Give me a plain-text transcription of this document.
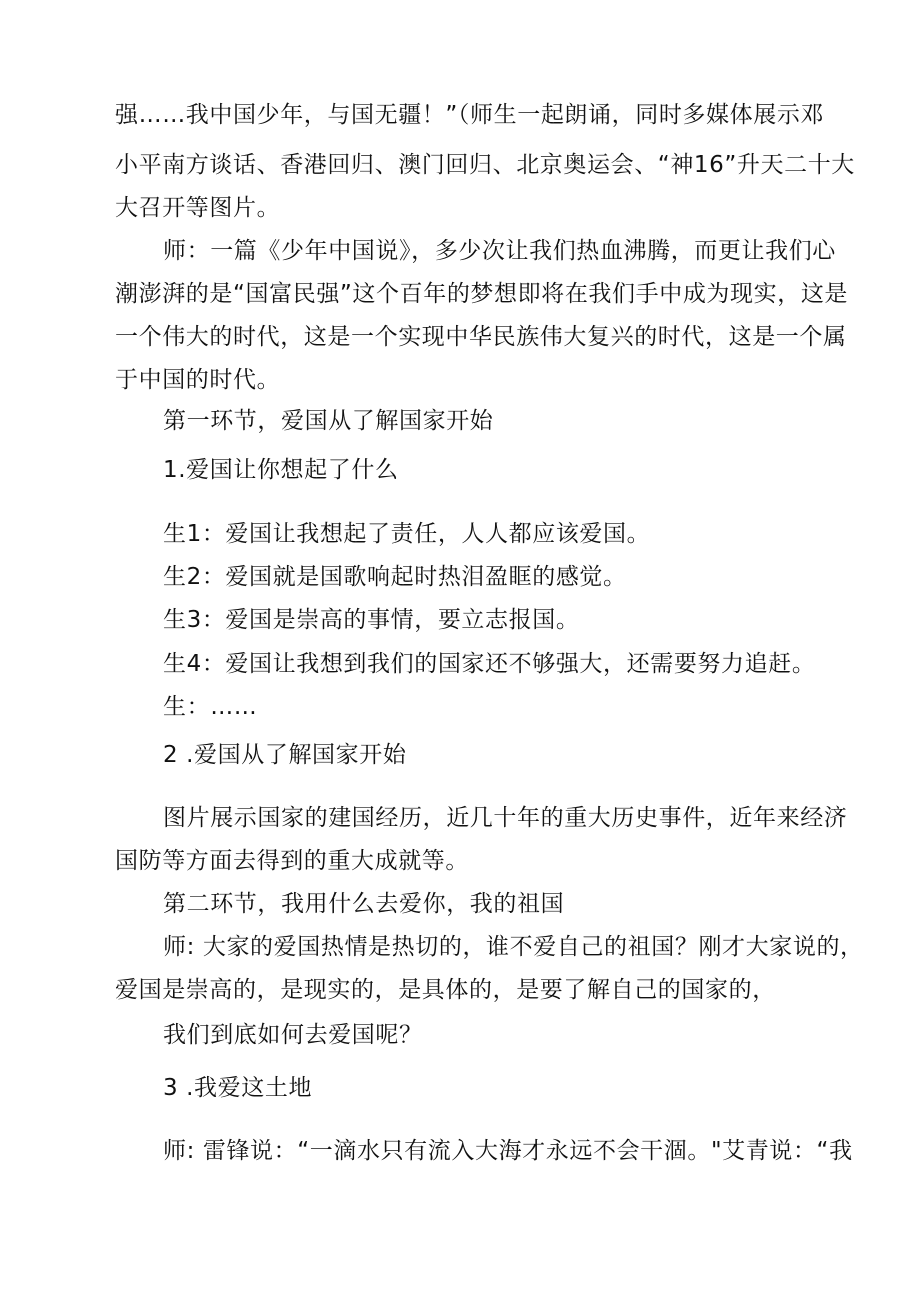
强……我中国少年，与国无疆！”（师生一起朗诵，同时多媒体展示邓
小平南方谈话、香港回归、澳门回归、北京奥运会、“神16”升天二十大
大召开等图片。
师：一篇《少年中国说》，多少次让我们热血沸腾，而更让我们心
潮澎湃的是“国富民强”这个百年的梦想即将在我们手中成为现实，这是
一个伟大的时代，这是一个实现中华民族伟大复兴的时代，这是一个属
于中国的时代。
第一环节，爱国从了解国家开始
1.爱国让你想起了什么
生1：爱国让我想起了责任，人人都应该爱国。
生2：爱国就是国歌响起时热泪盈眶的感觉。
生3：爱国是崇高的事情，要立志报国。
生4：爱国让我想到我们的国家还不够强大，还需要努力追赶。
生：……
2 .爱国从了解国家开始
图片展示国家的建国经历，近几十年的重大历史事件，近年来经济
国防等方面去得到的重大成就等。
第二环节，我用什么去爱你，我的祖国
师: 大家的爱国热情是热切的，谁不爱自己的祖国？刚才大家说的，
爱国是崇高的，是现实的，是具体的，是要了解自己的国家的，
我们到底如何去爱国呢？
3 .我爱这土地
师: 雷锋说：“一滴水只有流入大海才永远不会干涸。"艾青说：“我
